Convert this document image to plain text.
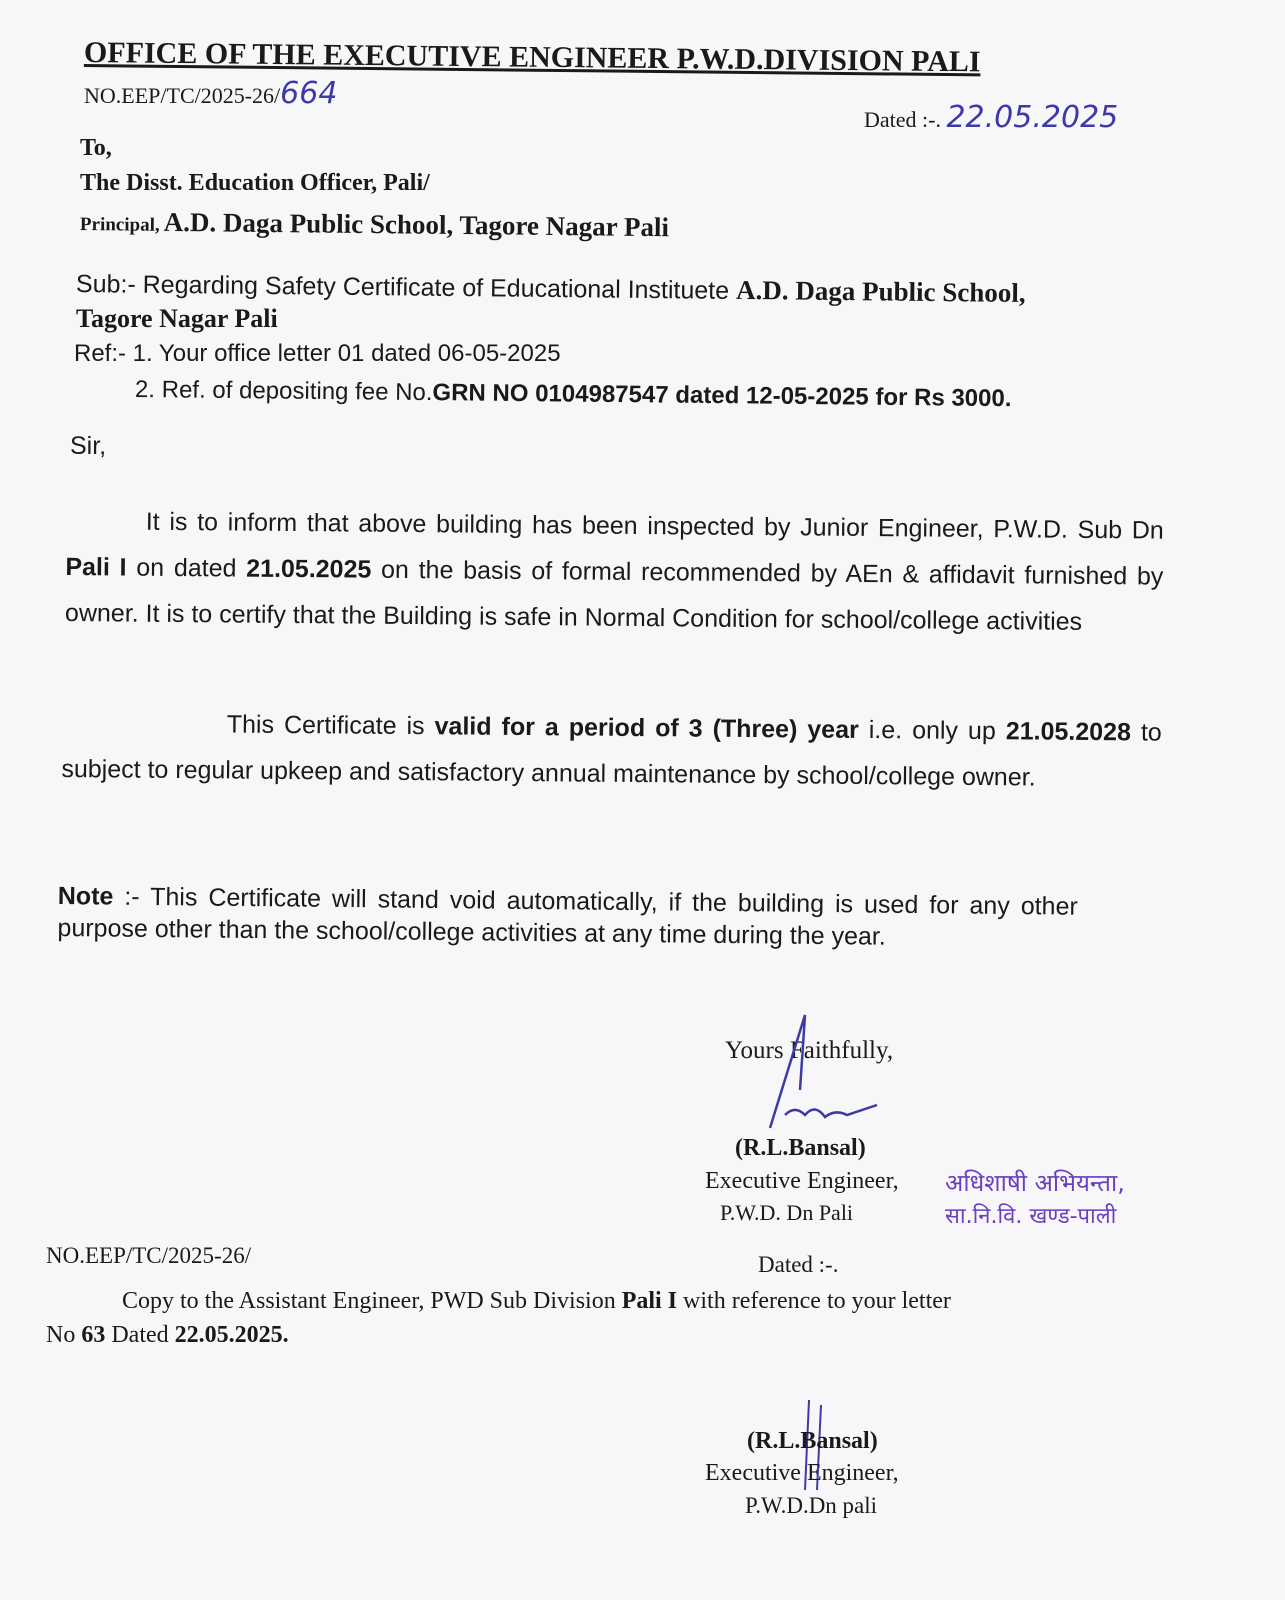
OFFICE OF THE EXECUTIVE ENGINEER P.W.D.DIVISION PALI
NO.EEP/TC/2025-26/664
Dated :-. 22.05.2025
To,
The Disst. Education Officer, Pali/
Principal, A.D. Daga Public School, Tagore Nagar Pali
Sub:- Regarding Safety Certificate of Educational Instituete A.D. Daga Public School,
Tagore Nagar Pali
Ref:- 1. Your office letter 01 dated 06-05-2025
2. Ref. of depositing fee No.GRN NO 0104987547 dated 12-05-2025 for Rs 3000.
Sir,
It is to inform that above building has been inspected by Junior Engineer, P.W.D. Sub Dn Pali I on dated 21.05.2025 on the basis of formal recommended by AEn & affidavit furnished by owner. It is to certify that the Building is safe in Normal Condition for school/college activities
This Certificate is valid for a period of 3 (Three) year i.e. only up 21.05.2028 to subject to regular upkeep and satisfactory annual maintenance by school/college owner.
Note :- This Certificate will stand void automatically, if the building is used for any other purpose other than the school/college activities at any time during the year.
Yours Faithfully,
(R.L.Bansal)
Executive Engineer,
P.W.D. Dn Pali
अधिशाषी अभियन्ता,
सा.नि.वि. खण्ड-पाली
NO.EEP/TC/2025-26/	Dated :-.
Copy to the Assistant Engineer, PWD Sub Division Pali I with reference to your letter
No 63 Dated 22.05.2025.
(R.L.Bansal)
Executive Engineer,
P.W.D.Dn pali
